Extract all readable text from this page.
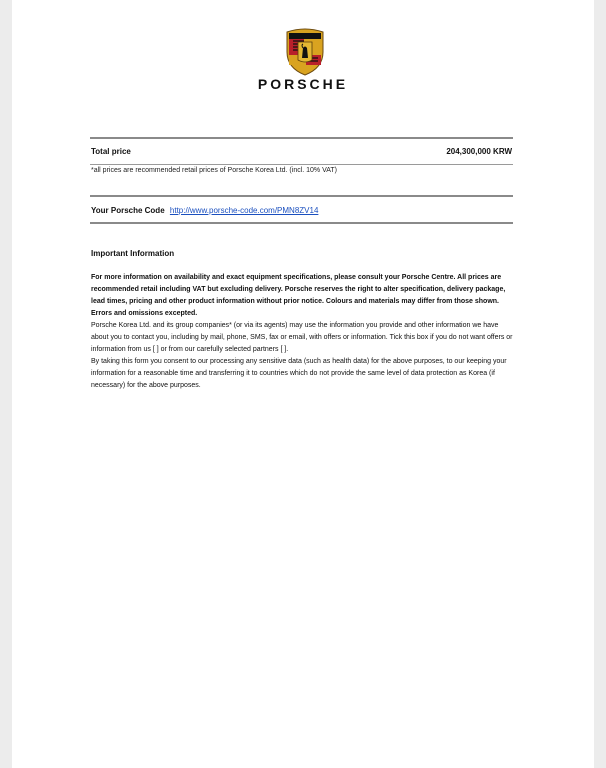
PORSCHE
Total price	204,300,000 KRW
*all prices are recommended retail prices of Porsche Korea Ltd. (incl. 10% VAT)
Your Porsche Code http://www.porsche-code.com/PMN8ZV14
Important Information

For more information on availability and exact equipment specifications, please consult your Porsche Centre. All prices are recommended retail including VAT but excluding delivery. Porsche reserves the right to alter specification, delivery package, lead times, pricing and other product information without prior notice. Colours and materials may differ from those shown. Errors and omissions excepted.

Porsche Korea Ltd. and its group companies* (or via its agents) may use the information you provide and other information we have about you to contact you, including by mail, phone, SMS, fax or email, with offers or information. Tick this box if you do not want offers or information from us [ ] or from our carefully selected partners [ ].

By taking this form you consent to our processing any sensitive data (such as health data) for the above purposes, to our keeping your information for a reasonable time and transferring it to countries which do not provide the same level of data protection as Korea (if necessary) for the above purposes.
